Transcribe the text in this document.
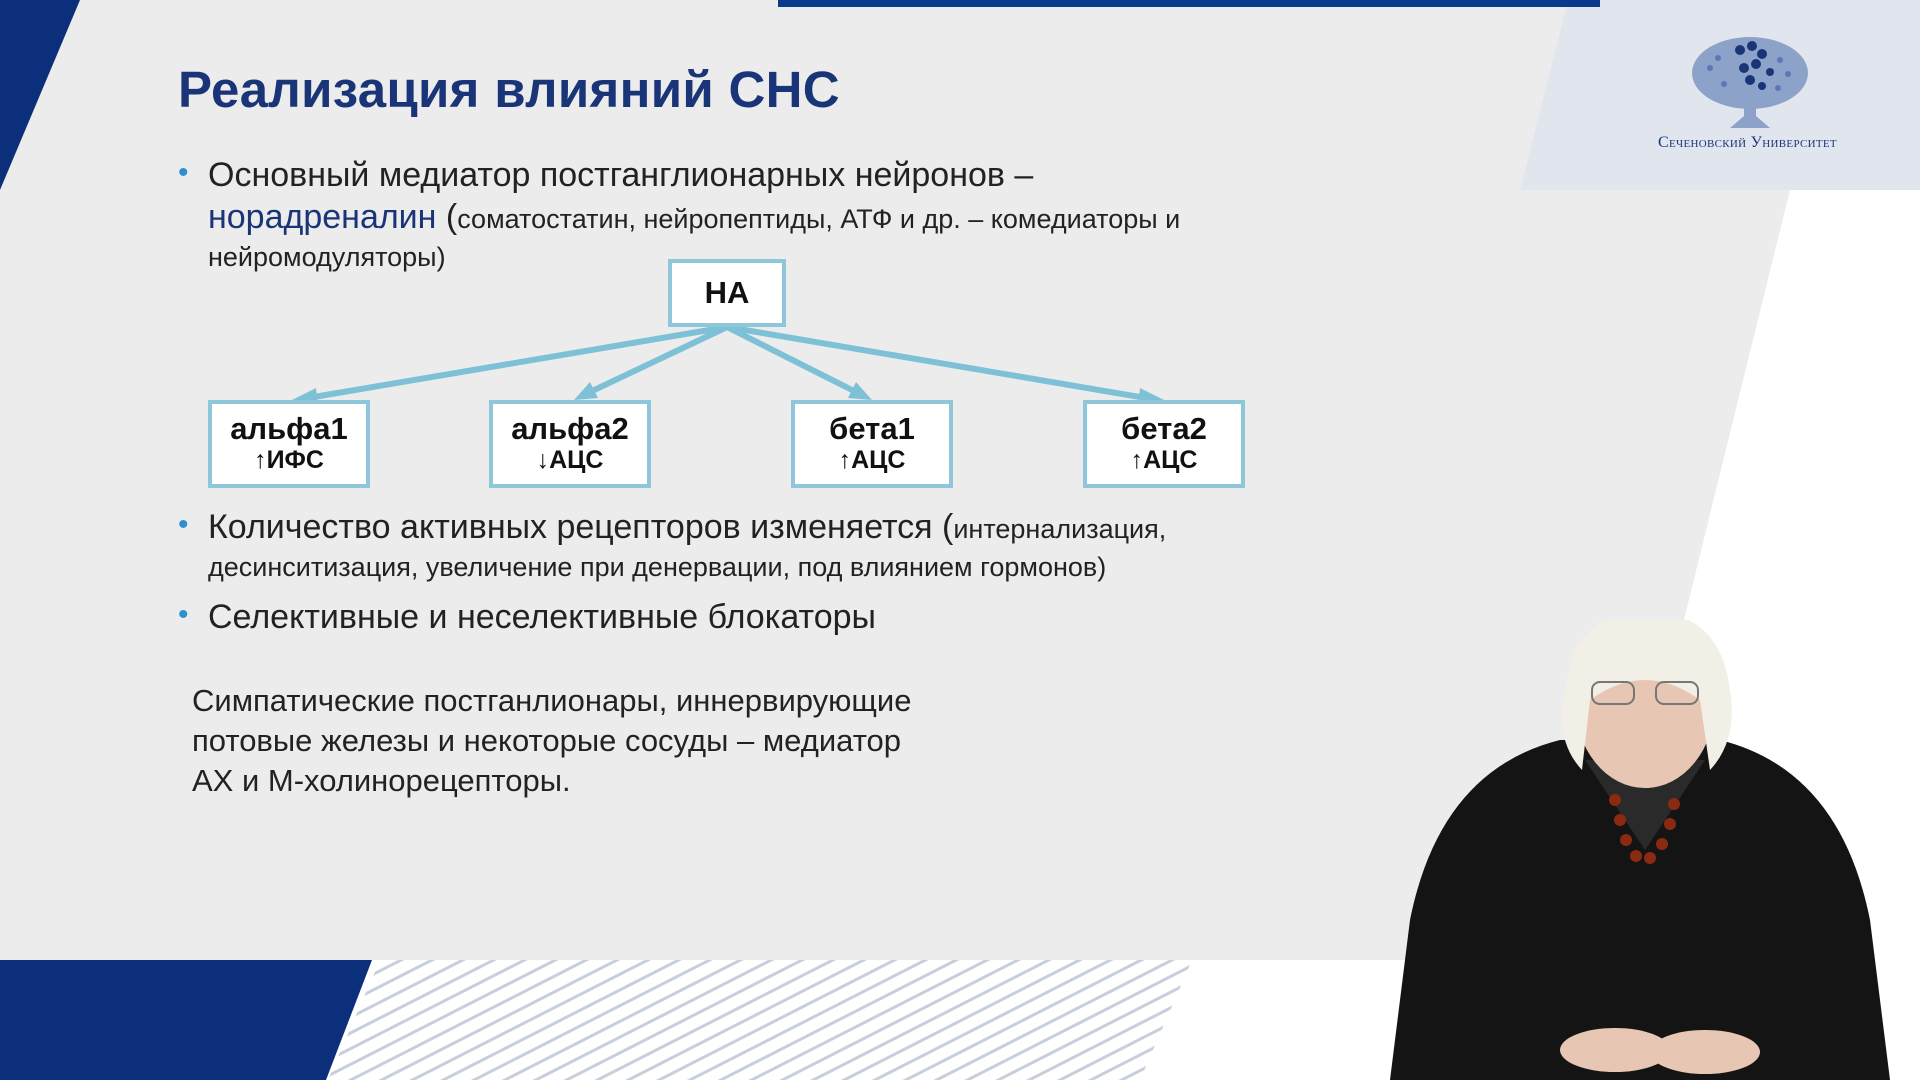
Реализация влияний СНС
• Основный медиатор постганглионарных нейронов –
норадреналин (соматостатин, нейропептиды, АТФ и др. – комедиаторы и
нейромодуляторы)
НА
альфа1
↑ИФС
альфа2
↓АЦС
бета1
↑АЦС
бета2
↑АЦС
• Количество активных рецепторов изменяется (интернализация,
десинситизация, увеличение при денервации, под влиянием гормонов)
• Селективные и неселективные блокаторы
Симпатические постганлионары, иннервирующие
потовые железы и некоторые сосуды – медиатор
АХ и М-холинорецепторы.
Сеченовский Университет
